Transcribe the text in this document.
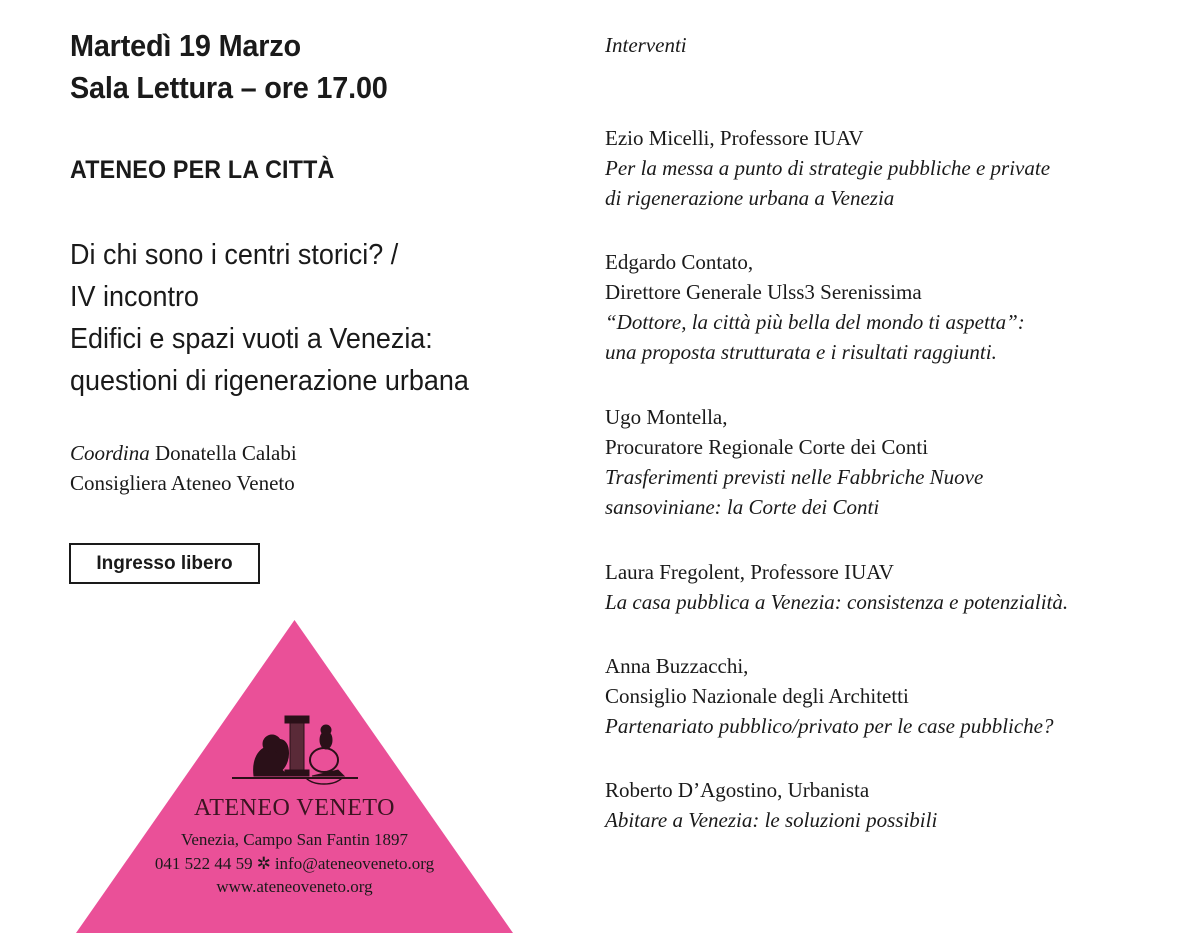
Martedì 19 Marzo
Sala Lettura – ore 17.00
ATENEO PER LA CITTÀ
Di chi sono i centri storici? /
IV incontro
Edifici e spazi vuoti a Venezia:
questioni di rigenerazione urbana
Coordina Donatella Calabi
Consigliera Ateneo Veneto
Ingresso libero
ATENEO VENETO
Venezia, Campo San Fantin 1897
041 522 44 59 ✲ info@ateneoveneto.org
www.ateneoveneto.org
Interventi
Ezio Micelli, Professore IUAV
Per la messa a punto di strategie pubbliche e private
di rigenerazione urbana a Venezia
Edgardo Contato,
Direttore Generale Ulss3 Serenissima
“Dottore, la città più bella del mondo ti aspetta”:
una proposta strutturata e i risultati raggiunti.
Ugo Montella,
Procuratore Regionale Corte dei Conti
Trasferimenti previsti nelle Fabbriche Nuove
sansoviniane: la Corte dei Conti
Laura Fregolent, Professore IUAV
La casa pubblica a Venezia: consistenza e potenzialità.
Anna Buzzacchi,
Consiglio Nazionale degli Architetti
Partenariato pubblico/privato per le case pubbliche?
Roberto D’Agostino, Urbanista
Abitare a Venezia: le soluzioni possibili
